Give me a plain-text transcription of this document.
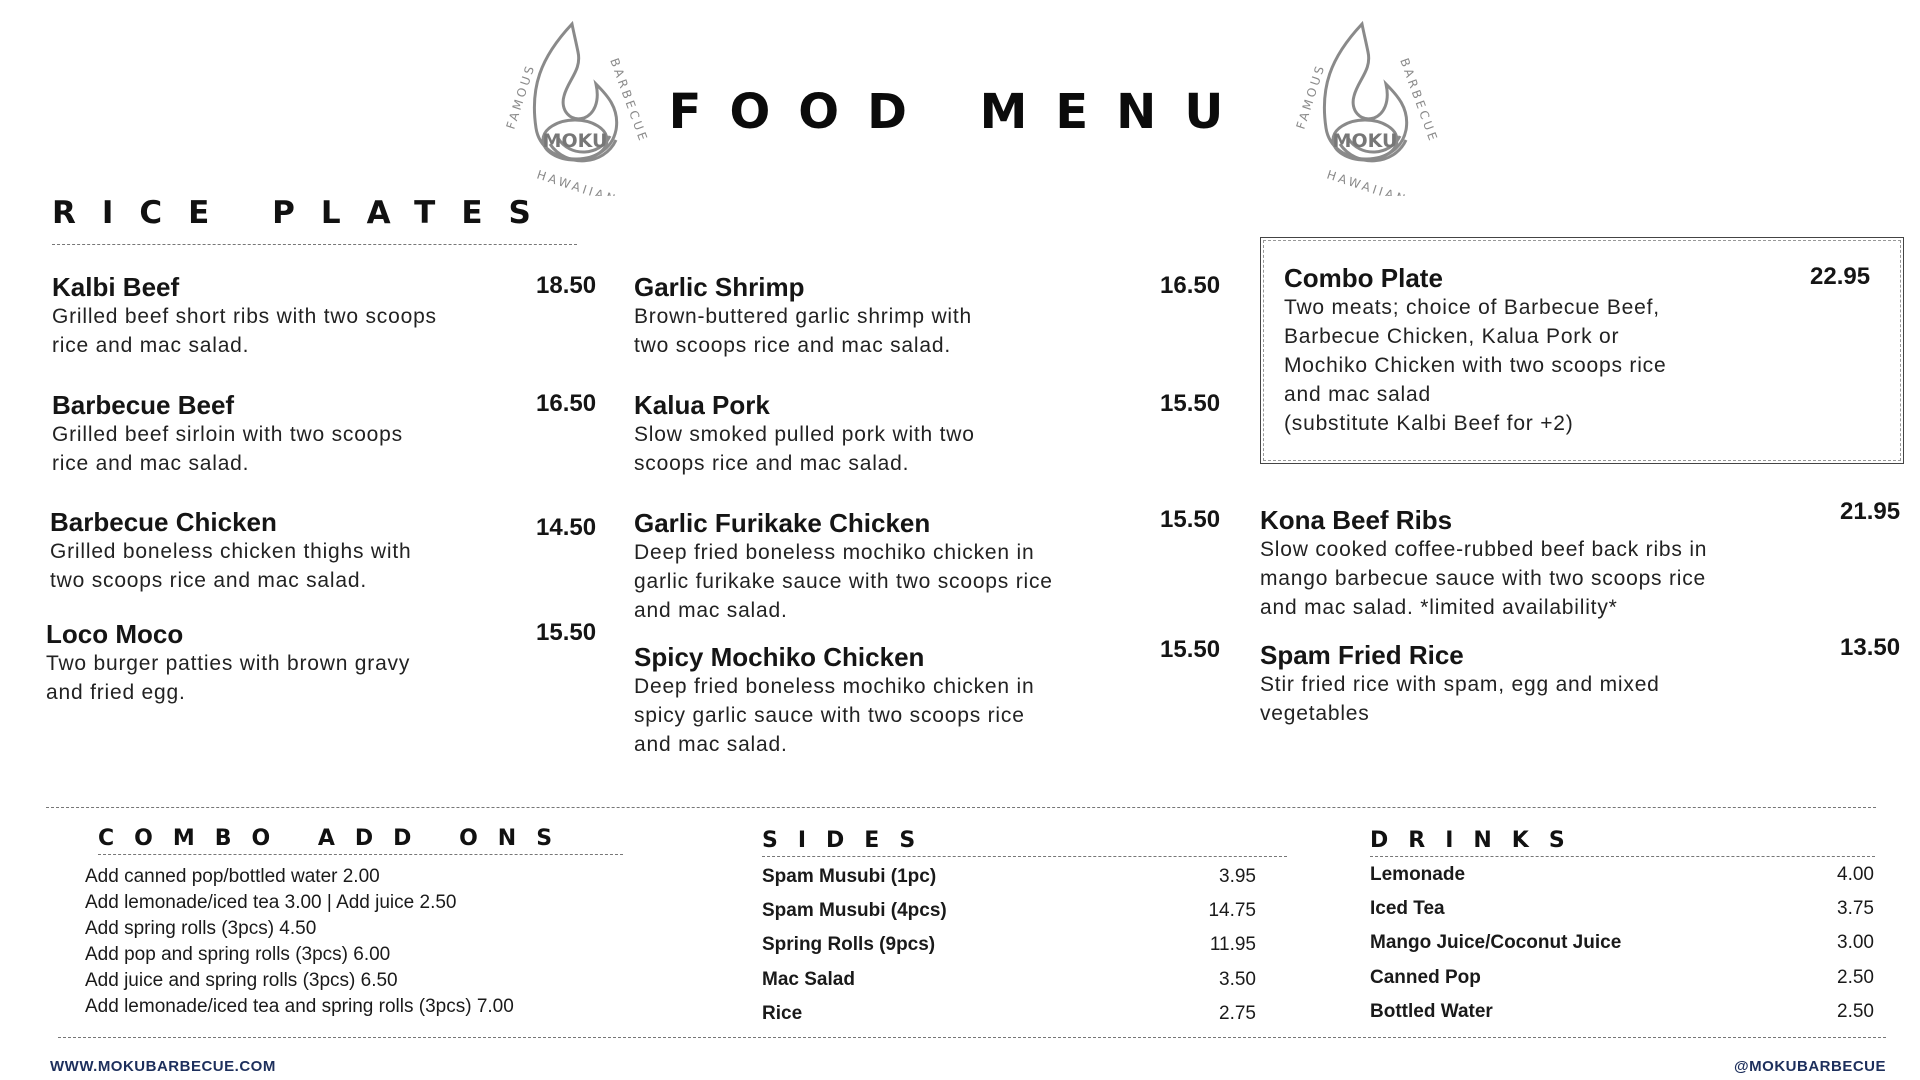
MOKU
FAMOUS	BARBECUE
HAWAIIAN
FOOD MENU
MOKU
FAMOUS	BARBECUE
HAWAIIAN
RICE PLATES
Kalbi Beef
Grilled beef short ribs with two scoops
rice and mac salad.
18.50
Barbecue Beef
Grilled beef sirloin with two scoops
rice and mac salad.
16.50
Barbecue Chicken
Grilled boneless chicken thighs with
two scoops rice and mac salad.
14.50
Loco Moco
Two burger patties with brown gravy
and fried egg.
15.50
Garlic Shrimp
Brown-buttered garlic shrimp with
two scoops rice and mac salad.
16.50
Kalua Pork
Slow smoked pulled pork with two
scoops rice and mac salad.
15.50
Garlic Furikake Chicken
Deep fried boneless mochiko chicken in
garlic furikake sauce with two scoops rice
and mac salad.
15.50
Spicy Mochiko Chicken
Deep fried boneless mochiko chicken in
spicy garlic sauce with two scoops rice
and mac salad.
15.50
Combo Plate
Two meats; choice of Barbecue Beef,
Barbecue Chicken, Kalua Pork or
Mochiko Chicken with two scoops rice
and mac salad
(substitute Kalbi Beef for +2)
22.95
Kona Beef Ribs
Slow cooked coffee-rubbed beef back ribs in
mango barbecue sauce with two scoops rice
and mac salad. *limited availability*
21.95
Spam Fried Rice
Stir fried rice with spam, egg and mixed
vegetables
13.50
COMBO ADD ONS
Add canned pop/bottled water 2.00
Add lemonade/iced tea 3.00 | Add juice 2.50
Add spring rolls (3pcs) 4.50
Add pop and spring rolls (3pcs) 6.00
Add juice and spring rolls (3pcs) 6.50
Add lemonade/iced tea and spring rolls (3pcs) 7.00
SIDES
Spam Musubi (1pc)	3.95
Spam Musubi (4pcs)	14.75
Spring Rolls (9pcs)	11.95
Mac Salad	3.50
Rice	2.75
DRINKS
Lemonade	4.00
Iced Tea	3.75
Mango Juice/Coconut Juice	3.00
Canned Pop	2.50
Bottled Water	2.50
WWW.MOKUBARBECUE.COM	@MOKUBARBECUE
